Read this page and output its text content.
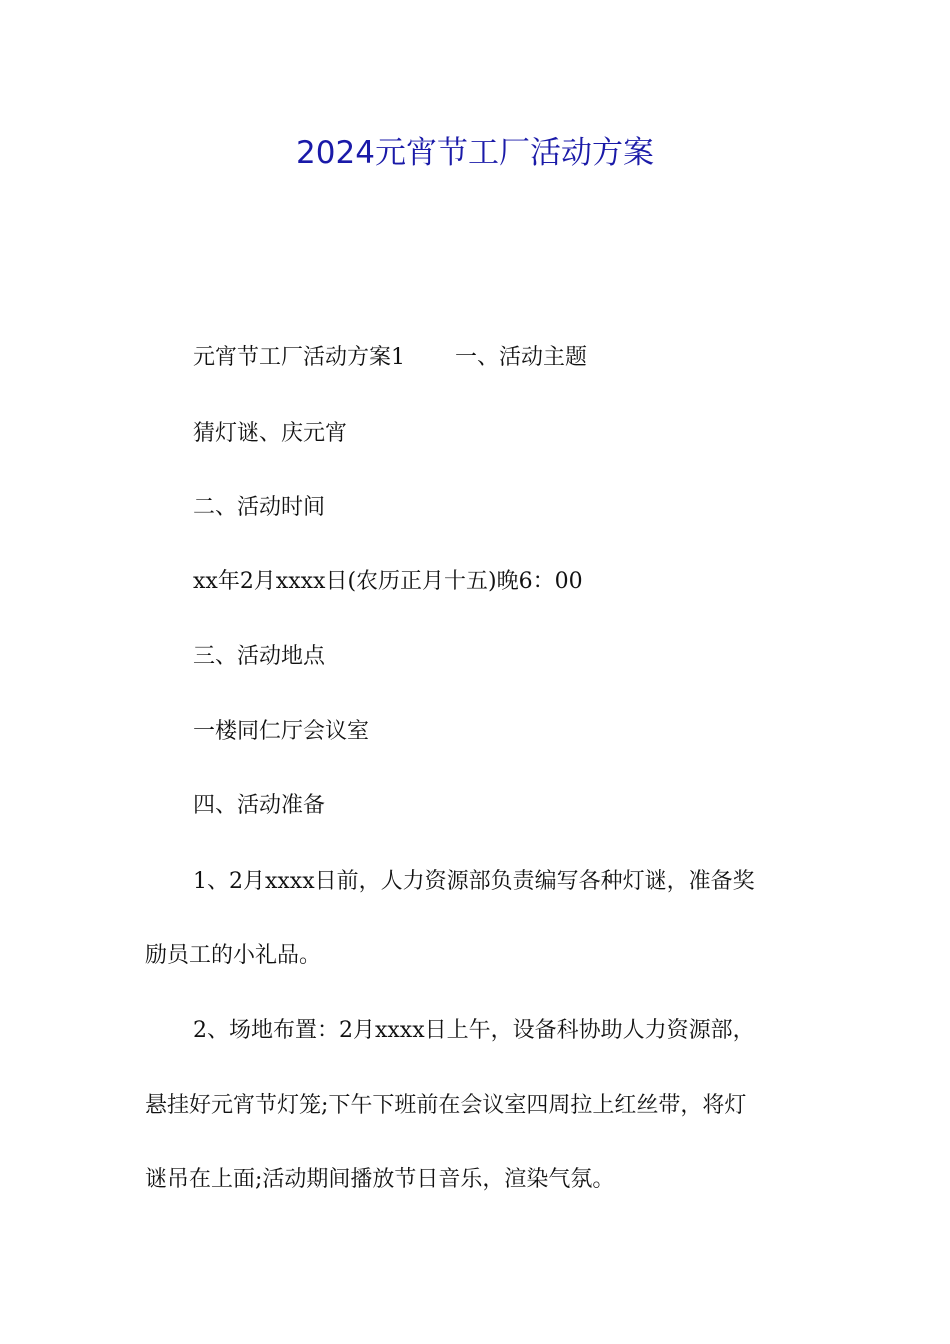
2024元宵节工厂活动方案

元宵节工厂活动方案1 一、活动主题

猜灯谜、庆元宵

二、活动时间

xx年2月xxxx日(农历正月十五)晚6：00

三、活动地点

一楼同仁厅会议室

四、活动准备

1、2月xxxx日前，人力资源部负责编写各种灯谜，准备奖

励员工的小礼品。

2、场地布置：2月xxxx日上午，设备科协助人力资源部，

悬挂好元宵节灯笼;下午下班前在会议室四周拉上红丝带，将灯

谜吊在上面;活动期间播放节日音乐，渲染气氛。
